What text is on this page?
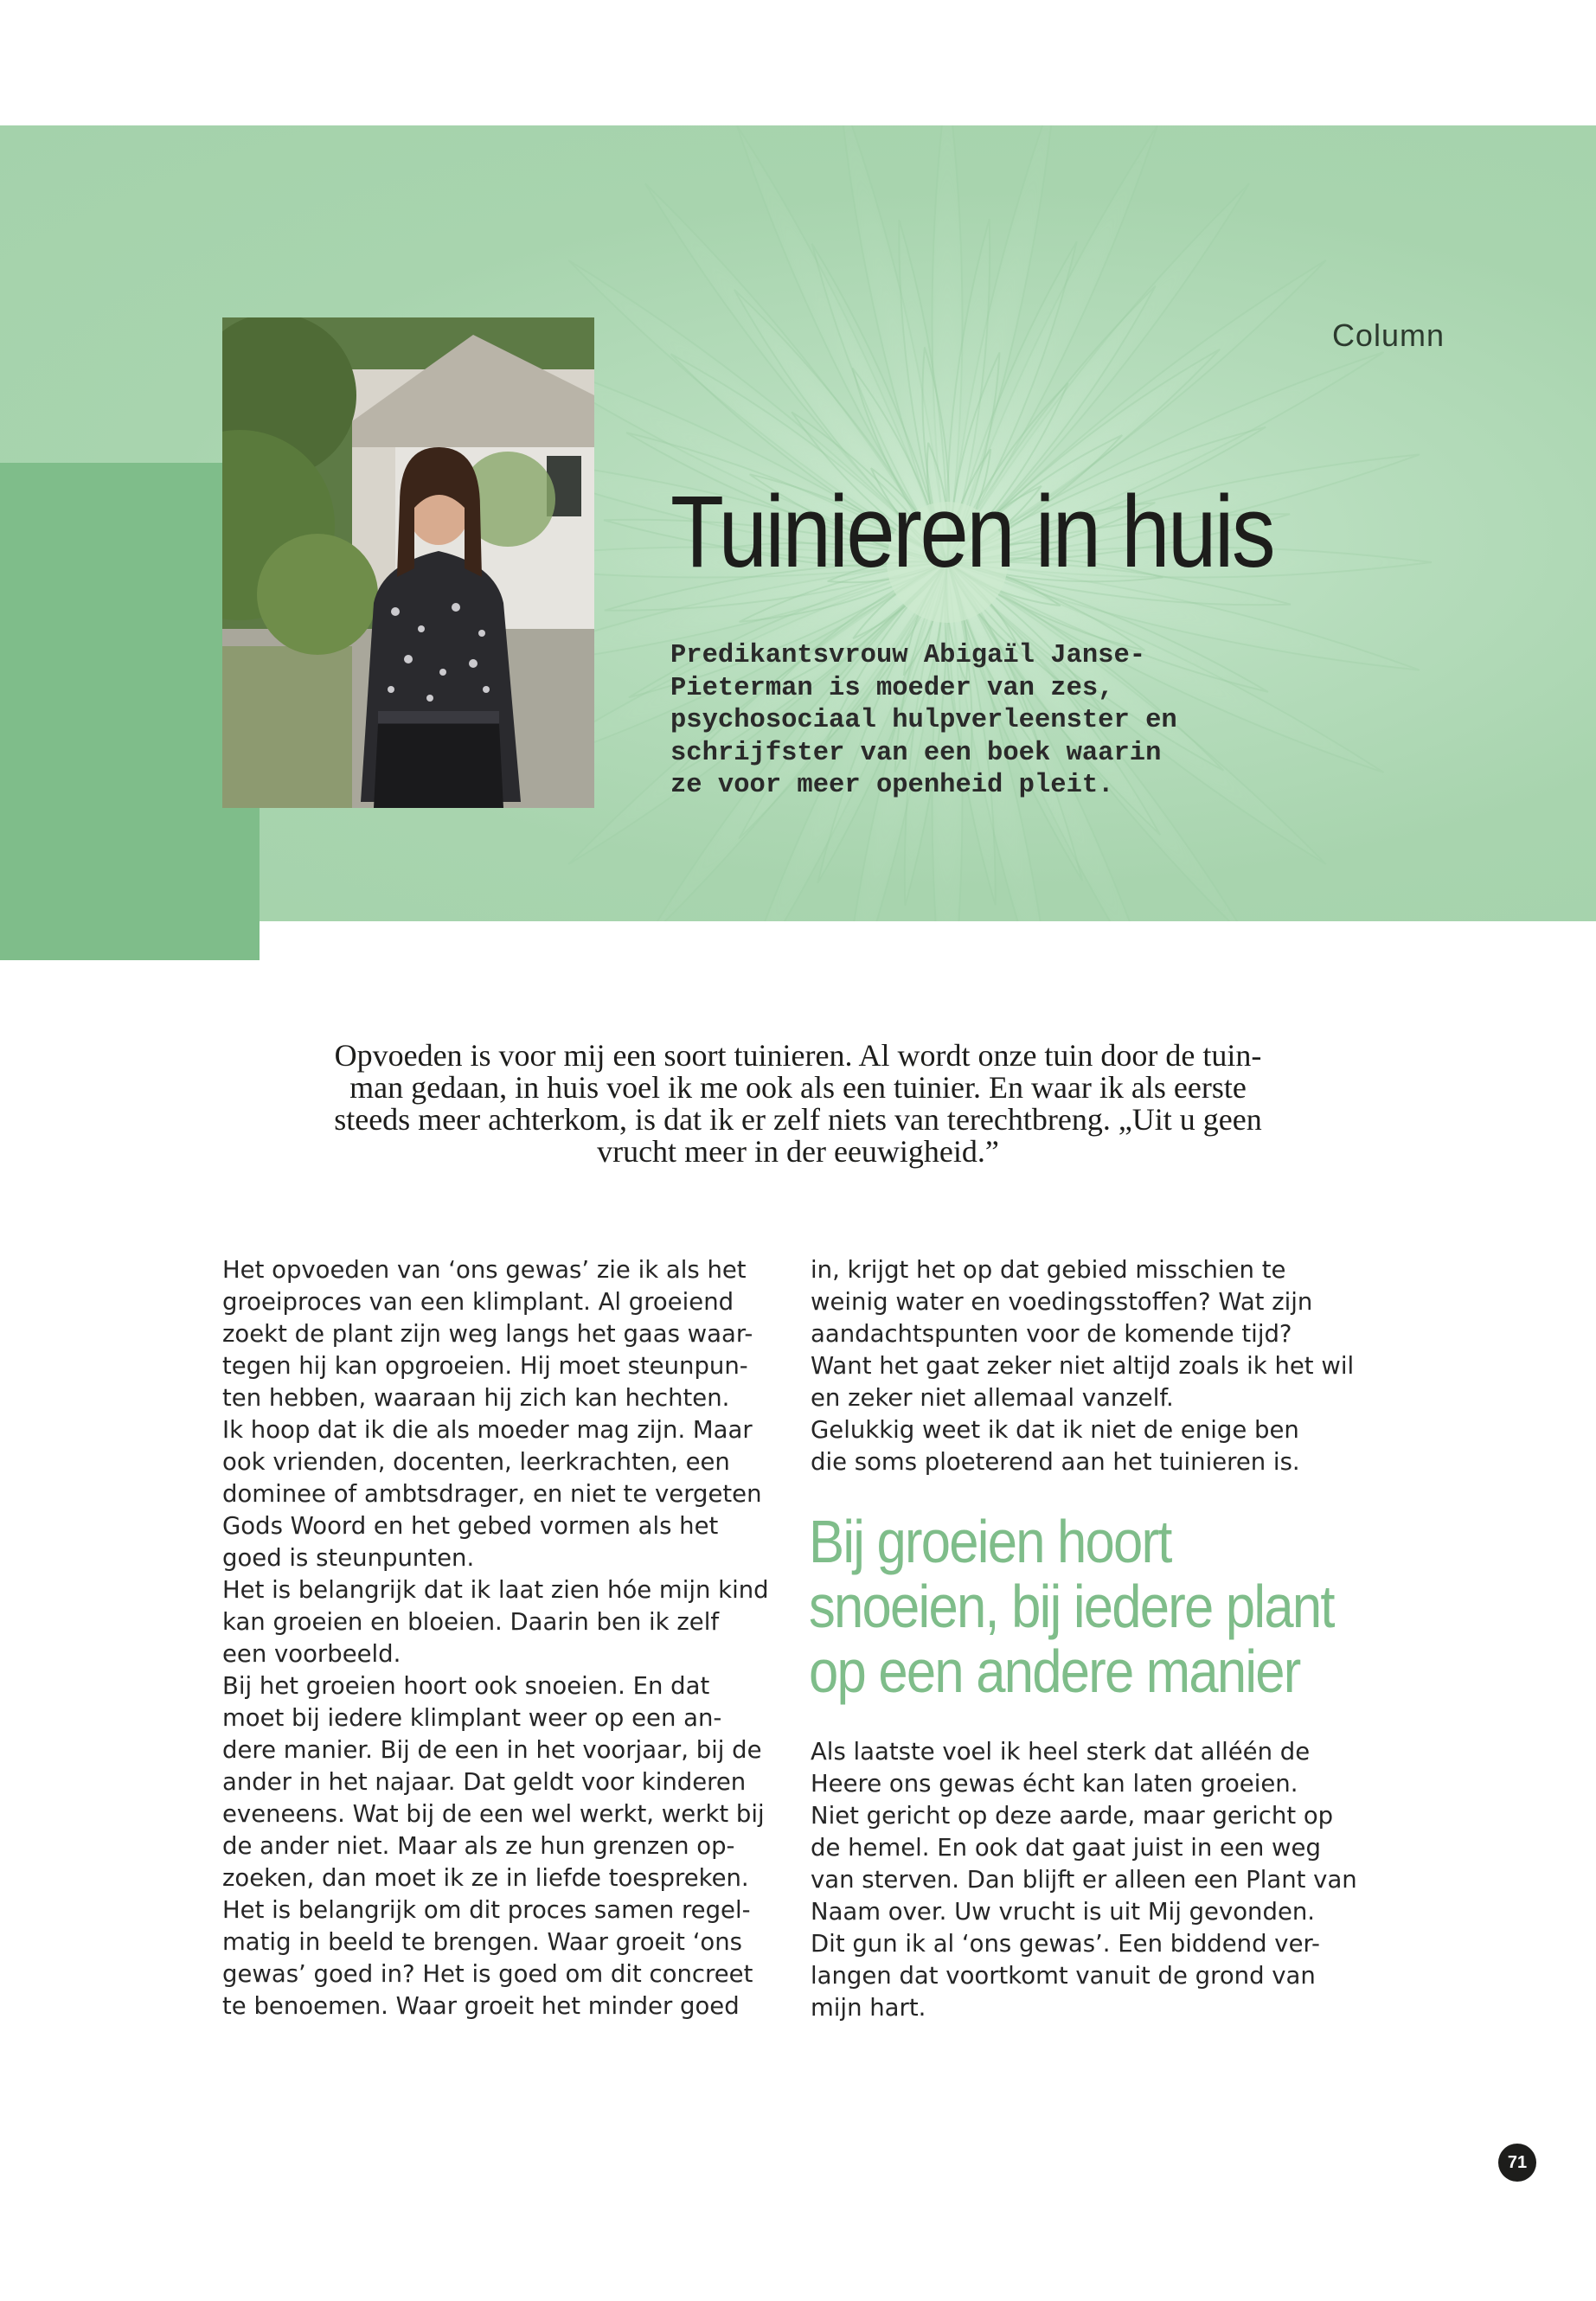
Column
Tuinieren in huis

Predikantsvrouw Abigaïl Janse-
Pieterman is moeder van zes,
psychosociaal hulpverleenster en
schrijfster van een boek waarin
ze voor meer openheid pleit.

Opvoeden is voor mij een soort tuinieren. Al wordt onze tuin door de tuin-
man gedaan, in huis voel ik me ook als een tuinier. En waar ik als eerste
steeds meer achterkom, is dat ik er zelf niets van terechtbreng. „Uit u geen
vrucht meer in der eeuwigheid.”

Het opvoeden van ‘ons gewas’ zie ik als het
groeiproces van een klimplant. Al groeiend
zoekt de plant zijn weg langs het gaas waar-
tegen hij kan opgroeien. Hij moet steunpun-
ten hebben, waaraan hij zich kan hechten.
Ik hoop dat ik die als moeder mag zijn. Maar
ook vrienden, docenten, leerkrachten, een
dominee of ambtsdrager, en niet te vergeten
Gods Woord en het gebed vormen als het
goed is steunpunten.
Het is belangrijk dat ik laat zien hóe mijn kind
kan groeien en bloeien. Daarin ben ik zelf
een voorbeeld.
Bij het groeien hoort ook snoeien. En dat
moet bij iedere klimplant weer op een an-
dere manier. Bij de een in het voorjaar, bij de
ander in het najaar. Dat geldt voor kinderen
eveneens. Wat bij de een wel werkt, werkt bij
de ander niet. Maar als ze hun grenzen op-
zoeken, dan moet ik ze in liefde toespreken.
Het is belangrijk om dit proces samen regel-
matig in beeld te brengen. Waar groeit ‘ons
gewas’ goed in? Het is goed om dit concreet
te benoemen. Waar groeit het minder goed

in, krijgt het op dat gebied misschien te
weinig water en voedingsstoffen? Wat zijn
aandachtspunten voor de komende tijd?
Want het gaat zeker niet altijd zoals ik het wil
en zeker niet allemaal vanzelf.
Gelukkig weet ik dat ik niet de enige ben
die soms ploeterend aan het tuinieren is.

Bij groeien hoort
snoeien, bij iedere plant
op een andere manier

Als laatste voel ik heel sterk dat alléén de
Heere ons gewas écht kan laten groeien.
Niet gericht op deze aarde, maar gericht op
de hemel. En ook dat gaat juist in een weg
van sterven. Dan blijft er alleen een Plant van
Naam over. Uw vrucht is uit Mij gevonden.
Dit gun ik al ‘ons gewas’. Een biddend ver-
langen dat voortkomt vanuit de grond van
mijn hart.

71
